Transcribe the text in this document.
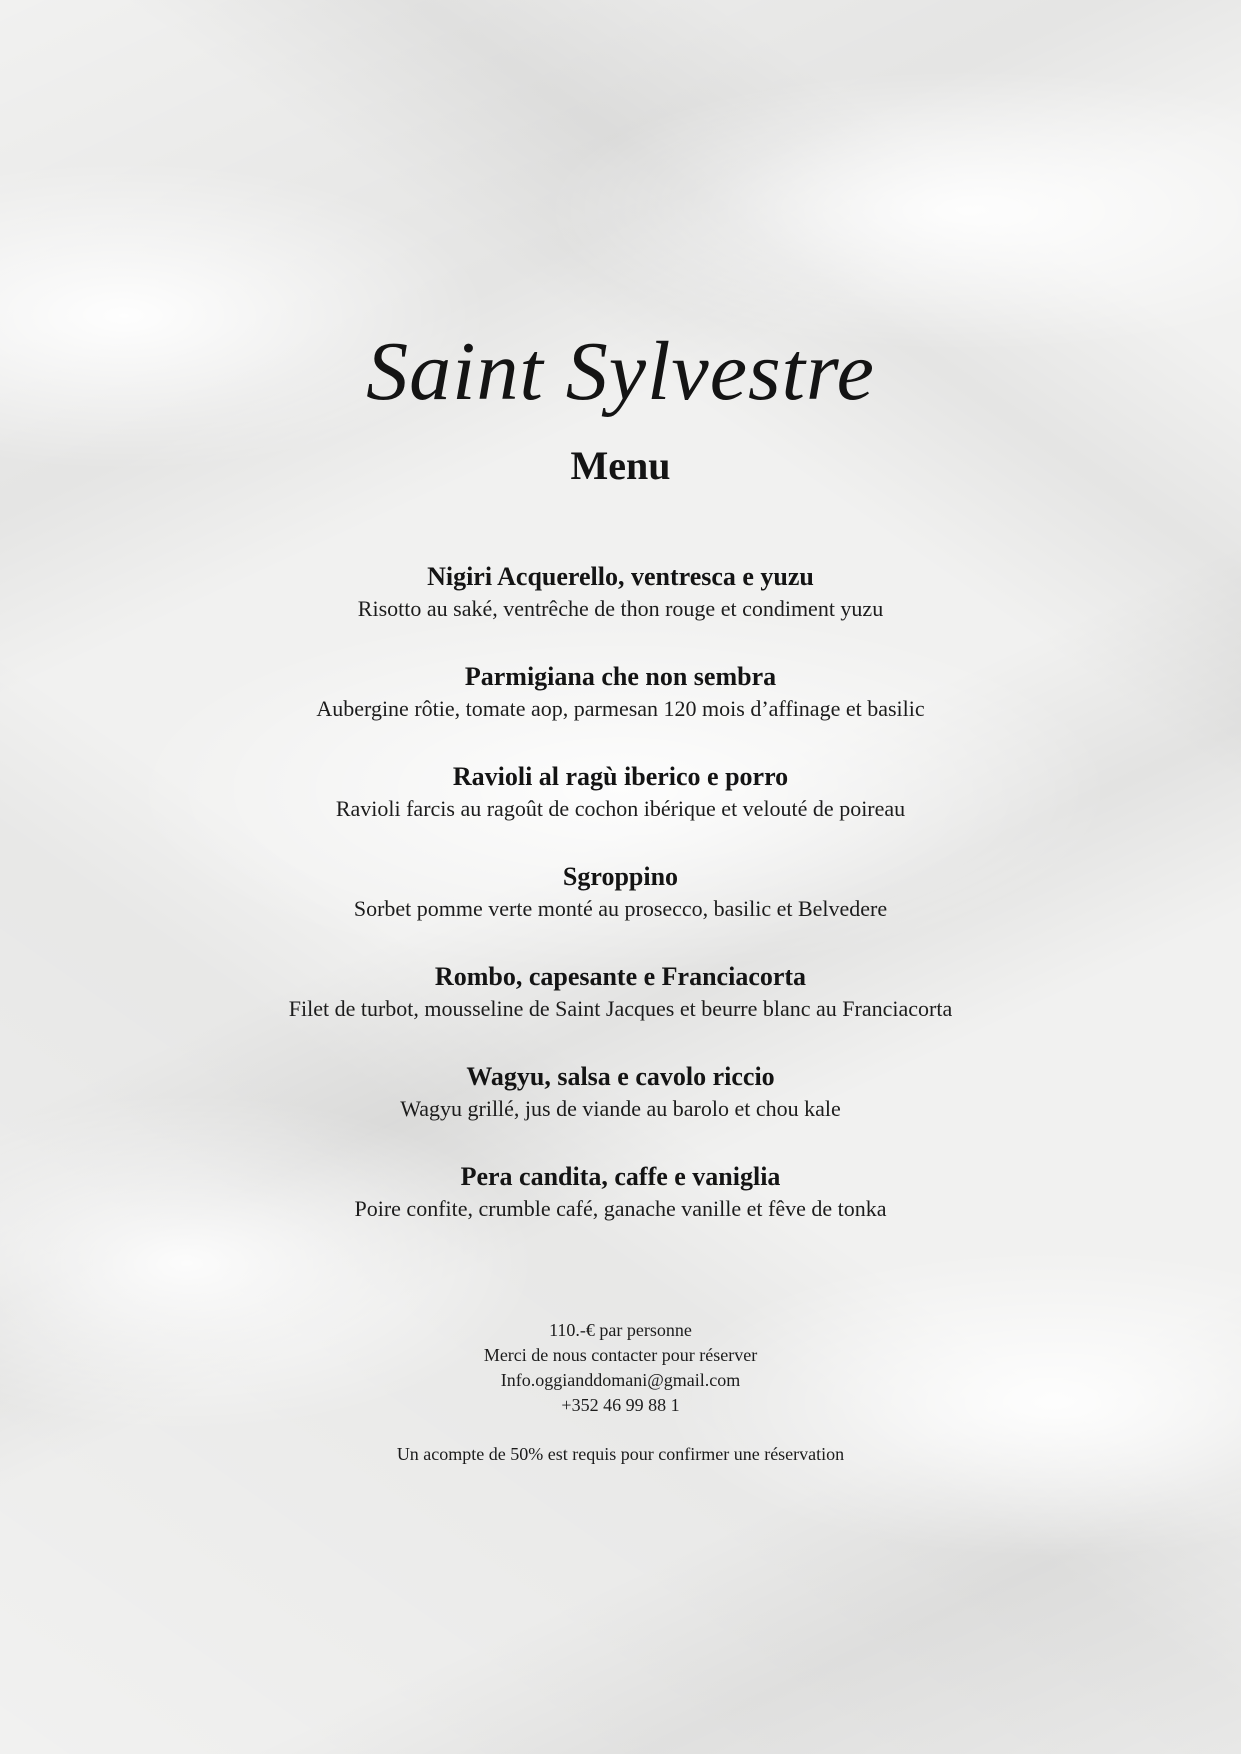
Saint Sylvestre
Menu
Nigiri Acquerello, ventresca e yuzu
Risotto au saké, ventrêche de thon rouge et condiment yuzu
Parmigiana che non sembra
Aubergine rôtie, tomate aop, parmesan 120 mois d’affinage et basilic
Ravioli al ragù iberico e porro
Ravioli farcis au ragoût de cochon ibérique et velouté de poireau
Sgroppino
Sorbet pomme verte monté au prosecco, basilic et Belvedere
Rombo, capesante e Franciacorta
Filet de turbot, mousseline de Saint Jacques et beurre blanc au Franciacorta
Wagyu, salsa e cavolo riccio
Wagyu grillé, jus de viande au barolo et chou kale
Pera candita, caffe e vaniglia
Poire confite, crumble café, ganache vanille et fêve de tonka
110.-€ par personne
Merci de nous contacter pour réserver
Info.oggianddomani@gmail.com
+352 46 99 88 1
Un acompte de 50% est requis pour confirmer une réservation
